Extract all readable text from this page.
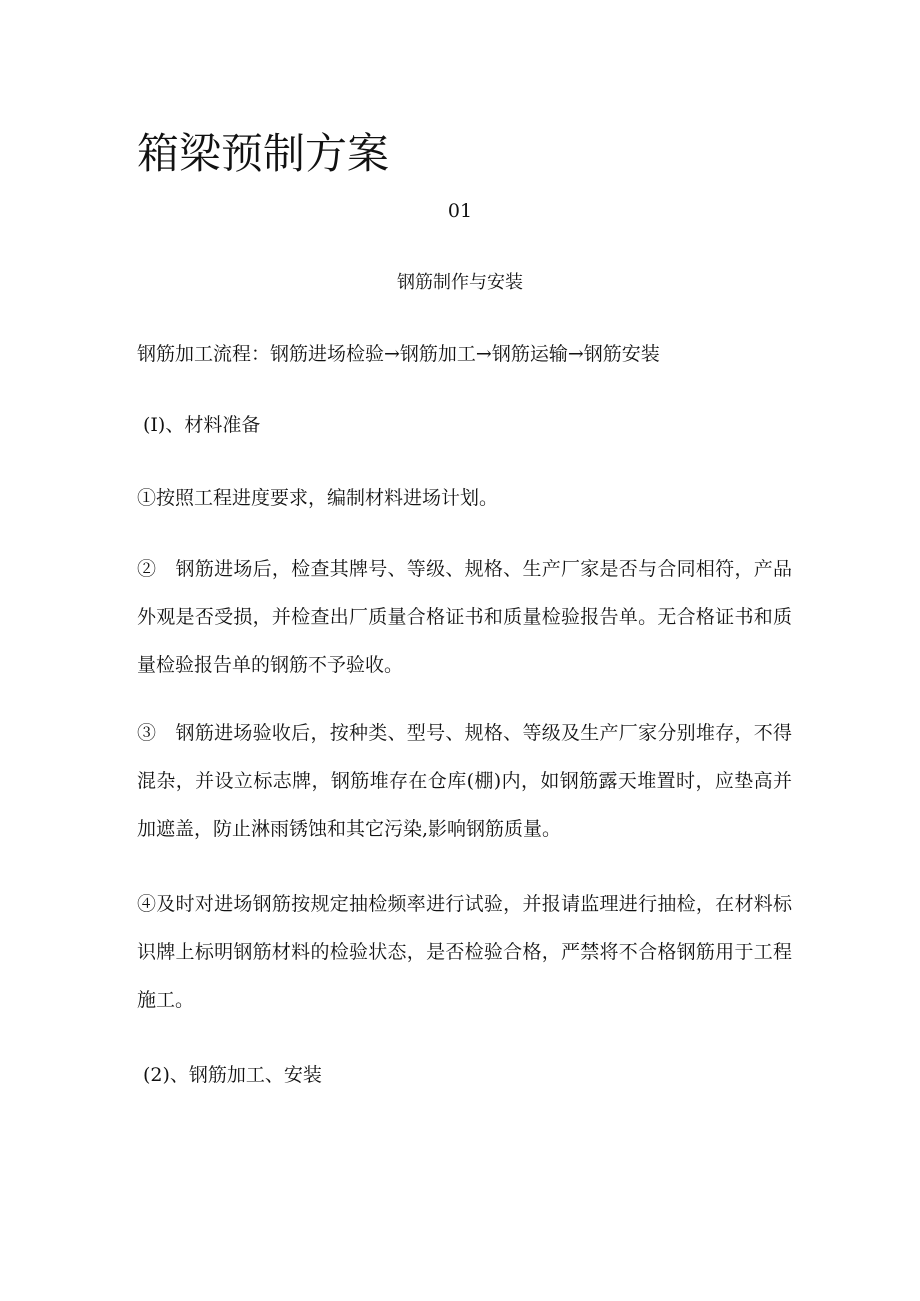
箱梁预制方案
01
钢筋制作与安装
钢筋加工流程：钢筋进场检验→钢筋加工→钢筋运输→钢筋安装
(I)、材料准备
①按照工程进度要求，编制材料进场计划。
②　钢筋进场后，检查其牌号、等级、规格、生产厂家是否与合同相符，产品外观是否受损，并检查出厂质量合格证书和质量检验报告单。无合格证书和质量检验报告单的钢筋不予验收。
③　钢筋进场验收后，按种类、型号、规格、等级及生产厂家分别堆存，不得混杂，并设立标志牌，钢筋堆存在仓库(棚)内，如钢筋露天堆置时，应垫高并加遮盖，防止淋雨锈蚀和其它污染,影响钢筋质量。
④及时对进场钢筋按规定抽检频率进行试验，并报请监理进行抽检，在材料标识牌上标明钢筋材料的检验状态，是否检验合格，严禁将不合格钢筋用于工程施工。
(2)、钢筋加工、安装
